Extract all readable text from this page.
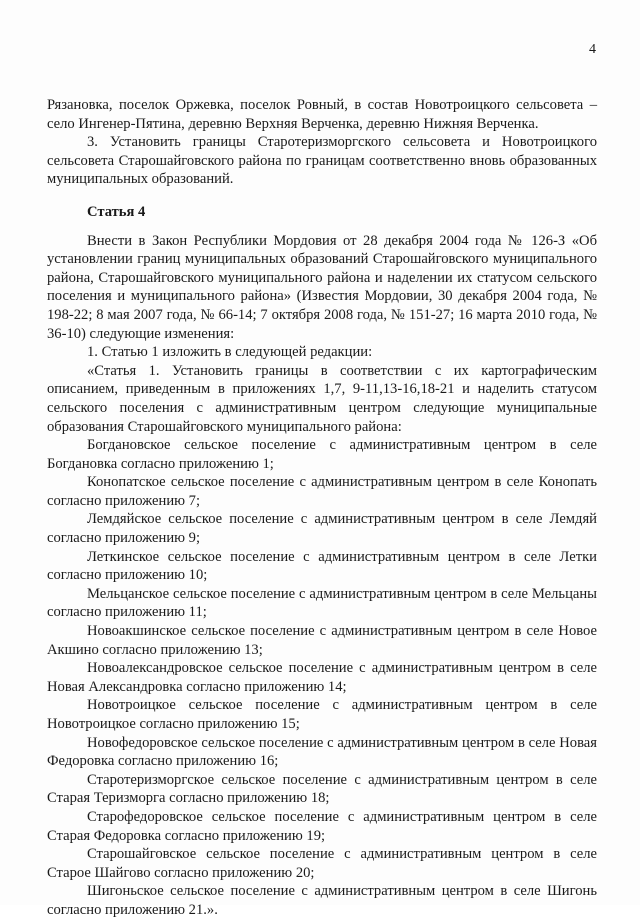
4

Рязановка, поселок Оржевка, поселок Ровный, в состав Новотроицкого сельсовета – село Ингенер-Пятина, деревню Верхняя Верченка, деревню Нижняя Верченка.

3. Установить границы Старотеризморгского сельсовета и Новотроицкого сельсовета Старошайговского района по границам соответственно вновь образованных муниципальных образований.

Статья 4

Внести в Закон Республики Мордовия от 28 декабря 2004 года № 126-З «Об установлении границ муниципальных образований Старошайговского муниципального района, Старошайговского муниципального района и наделении их статусом сельского поселения и муниципального района» (Известия Мордовии, 30 декабря 2004 года, № 198-22; 8 мая 2007 года, № 66-14; 7 октября 2008 года, № 151-27; 16 марта 2010 года, № 36-10) следующие изменения:

1. Статью 1 изложить в следующей редакции:

«Статья 1. Установить границы в соответствии с их картографическим описанием, приведенным в приложениях 1,7, 9-11,13-16,18-21 и наделить статусом сельского поселения с административным центром следующие муниципальные образования Старошайговского муниципального района:

Богдановское сельское поселение с административным центром в селе Богдановка согласно приложению 1;

Конопатское сельское поселение с административным центром в селе Конопать согласно приложению 7;

Лемдяйское сельское поселение с административным центром в селе Лемдяй согласно приложению 9;

Леткинское сельское поселение с административным центром в селе Летки согласно приложению 10;

Мельцанское сельское поселение с административным центром в селе Мельцаны согласно приложению 11;

Новоакшинское сельское поселение с административным центром в селе Новое Акшино согласно приложению 13;

Новоалександровское сельское поселение с административным центром в селе Новая Александровка согласно приложению 14;

Новотроицкое сельское поселение с административным центром в селе Новотроицкое согласно приложению 15;

Новофедоровское сельское поселение с административным центром в селе Новая Федоровка согласно приложению 16;

Старотеризморгское сельское поселение с административным центром в селе Старая Теризморга согласно приложению 18;

Старофедоровское сельское поселение с административным центром в селе Старая Федоровка согласно приложению 19;

Старошайговское сельское поселение с административным центром в селе Старое Шайгово согласно приложению 20;

Шигоньское сельское поселение с административным центром в селе Шигонь согласно приложению 21.».
